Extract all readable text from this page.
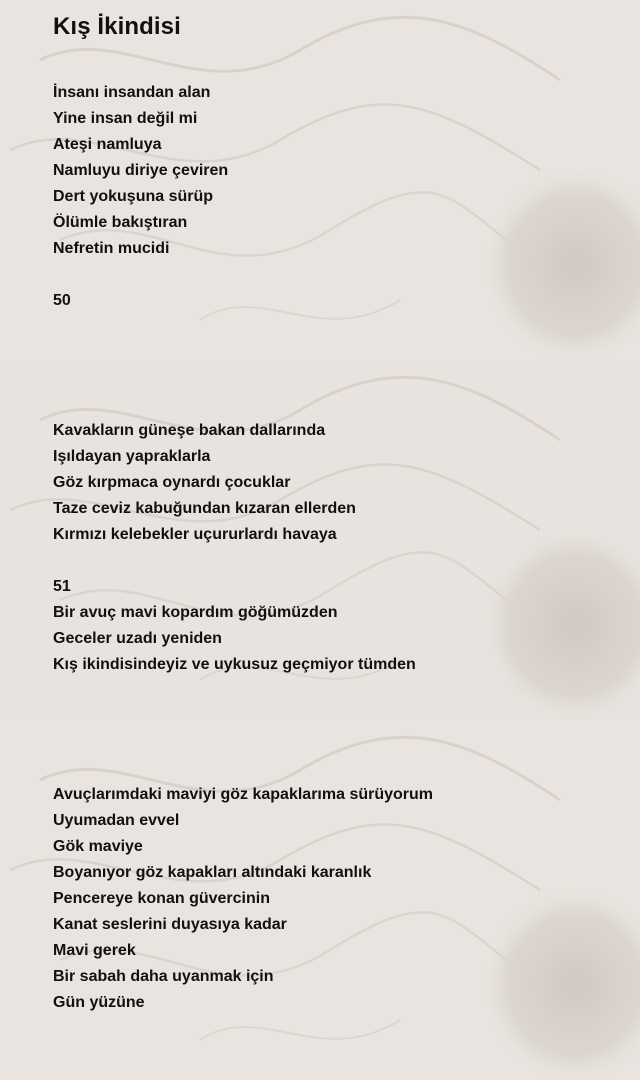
Kış İkindisi
İnsanı insandan alan
Yine insan değil mi
Ateşi namluya
Namluyu diriye çeviren
Dert yokuşuna sürüp
Ölümle bakıştıran
Nefretin mucidi
50
Kavakların güneşe bakan dallarında
Işıldayan yapraklarla
Göz kırpmaca oynardı çocuklar
Taze ceviz kabuğundan kızaran ellerden
Kırmızı kelebekler uçururlardı havaya
51
Bir avuç mavi kopardım göğümüzden
Geceler uzadı yeniden
Kış ikindisindeyiz ve uykusuz geçmiyor tümden
Avuçlarımdaki maviyi göz kapaklarıma sürüyorum
Uyumadan evvel
Gök maviye
Boyanıyor göz kapakları altındaki karanlık
Pencereye konan güvercinin
Kanat seslerini duyasıya kadar
Mavi gerek
Bir sabah daha uyanmak için
Gün yüzüne
